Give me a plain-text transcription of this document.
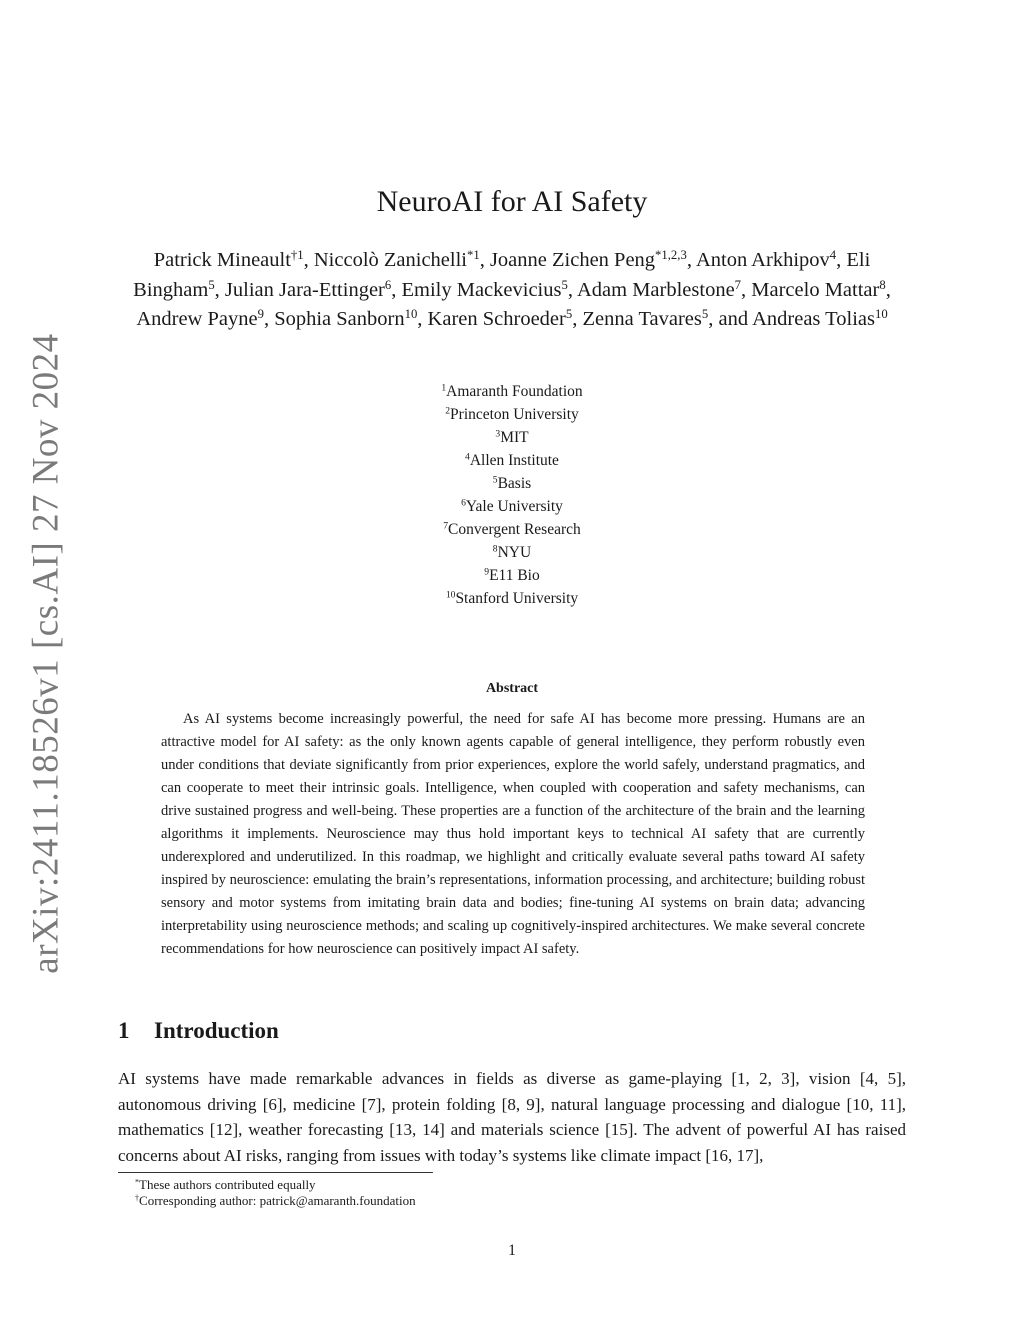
arXiv:2411.18526v1 [cs.AI] 27 Nov 2024
NeuroAI for AI Safety
Patrick Mineault$^{\dagger 1}$, Niccolò Zanichelli$^{*1}$, Joanne Zichen Peng$^{*1,2,3}$, Anton Arkhipov$^4$, Eli Bingham$^5$, Julian Jara-Ettinger$^6$, Emily Mackevicius$^5$, Adam Marblestone$^7$, Marcelo Mattar$^8$, Andrew Payne$^9$, Sophia Sanborn$^{10}$, Karen Schroeder$^5$, Zenna Tavares$^5$, and Andreas Tolias$^{10}$
$^1$Amaranth Foundation
$^2$Princeton University
$^3$MIT
$^4$Allen Institute
$^5$Basis
$^6$Yale University
$^7$Convergent Research
$^8$NYU
$^9$E11 Bio
$^{10}$Stanford University
Abstract
As AI systems become increasingly powerful, the need for safe AI has become more pressing. Humans are an attractive model for AI safety: as the only known agents capable of general intelligence, they perform robustly even under conditions that deviate significantly from prior experiences, explore the world safely, understand pragmatics, and can cooperate to meet their intrinsic goals. Intelligence, when coupled with cooperation and safety mechanisms, can drive sustained progress and well-being. These properties are a function of the architecture of the brain and the learning algorithms it implements. Neuroscience may thus hold important keys to technical AI safety that are currently underexplored and underutilized. In this roadmap, we highlight and critically evaluate several paths toward AI safety inspired by neuroscience: emulating the brain’s representations, information processing, and architecture; building robust sensory and motor systems from imitating brain data and bodies; fine-tuning AI systems on brain data; advancing interpretability using neuroscience methods; and scaling up cognitively-inspired architectures. We make several concrete recommendations for how neuroscience can positively impact AI safety.
1 Introduction
AI systems have made remarkable advances in fields as diverse as game-playing [1, 2, 3], vision [4, 5], autonomous driving [6], medicine [7], protein folding [8, 9], natural language processing and dialogue [10, 11], mathematics [12], weather forecasting [13, 14] and materials science [15]. The advent of powerful AI has raised concerns about AI risks, ranging from issues with today’s systems like climate impact [16, 17],
*These authors contributed equally
†Corresponding author: patrick@amaranth.foundation
1
